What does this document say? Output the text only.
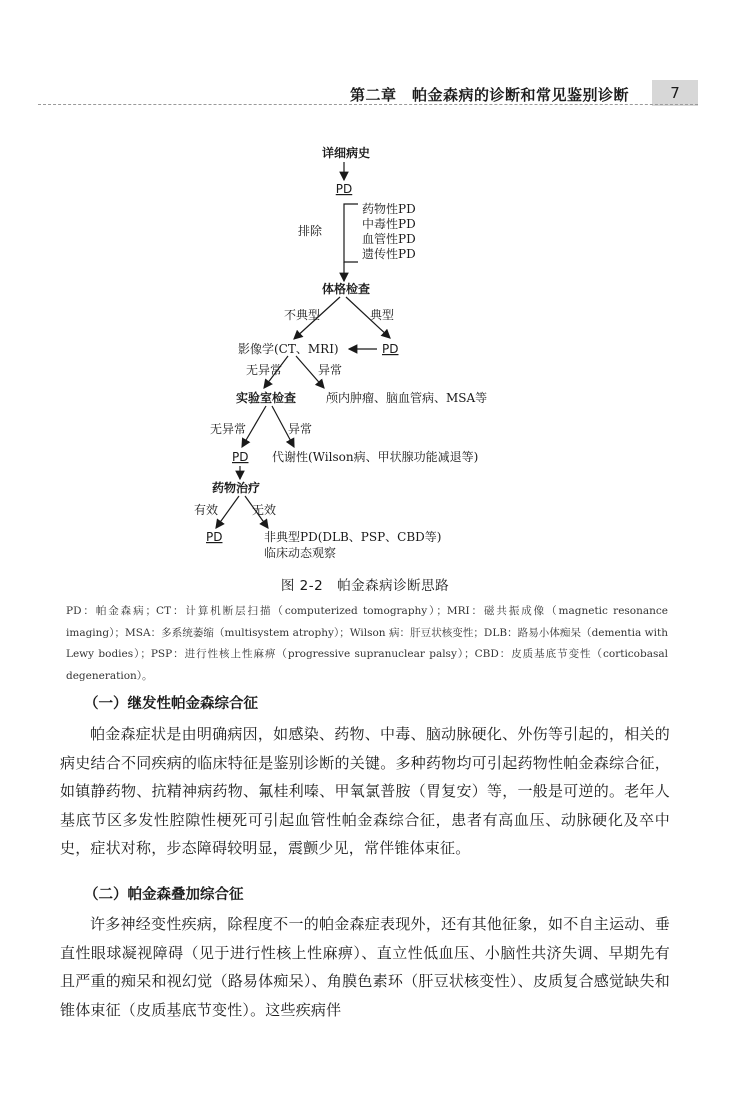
第二章　帕金森病的诊断和常见鉴别诊断	7
详细病史
PD
排除
药物性PD
中毒性PD
血管性PD
遗传性PD
体格检查
不典型	典型
影像学(CT、MRI)	PD
无异常	异常
实验室检查 颅内肿瘤、脑血管病、MSA等
无异常	异常
PD 代谢性(Wilson病、甲状腺功能减退等)
药物治疗
有效	无效
PD	非典型PD(DLB、PSP、CBD等)
临床动态观察
图 2-2　帕金森病诊断思路
PD：帕金森病；CT：计算机断层扫描（computerized tomography）；MRI：磁共振成像（magnetic resonance imaging）；MSA：多系统萎缩（multisystem atrophy）；Wilson 病：肝豆状核变性；DLB：路易小体痴呆（dementia with Lewy bodies）；PSP：进行性核上性麻痹（progressive supranuclear palsy）；CBD：皮质基底节变性（corticobasal degeneration）。
（一）继发性帕金森综合征
帕金森症状是由明确病因，如感染、药物、中毒、脑动脉硬化、外伤等引起的，相关的病史结合不同疾病的临床特征是鉴别诊断的关键。多种药物均可引起药物性帕金森综合征，如镇静药物、抗精神病药物、氟桂利嗪、甲氧氯普胺（胃复安）等，一般是可逆的。老年人基底节区多发性腔隙性梗死可引起血管性帕金森综合征，患者有高血压、动脉硬化及卒中史，症状对称，步态障碍较明显，震颤少见，常伴锥体束征。
（二）帕金森叠加综合征
许多神经变性疾病，除程度不一的帕金森症表现外，还有其他征象，如不自主运动、垂直性眼球凝视障碍（见于进行性核上性麻痹）、直立性低血压、小脑性共济失调、早期先有且严重的痴呆和视幻觉（路易体痴呆）、角膜色素环（肝豆状核变性）、皮质复合感觉缺失和锥体束征（皮质基底节变性）。这些疾病伴
